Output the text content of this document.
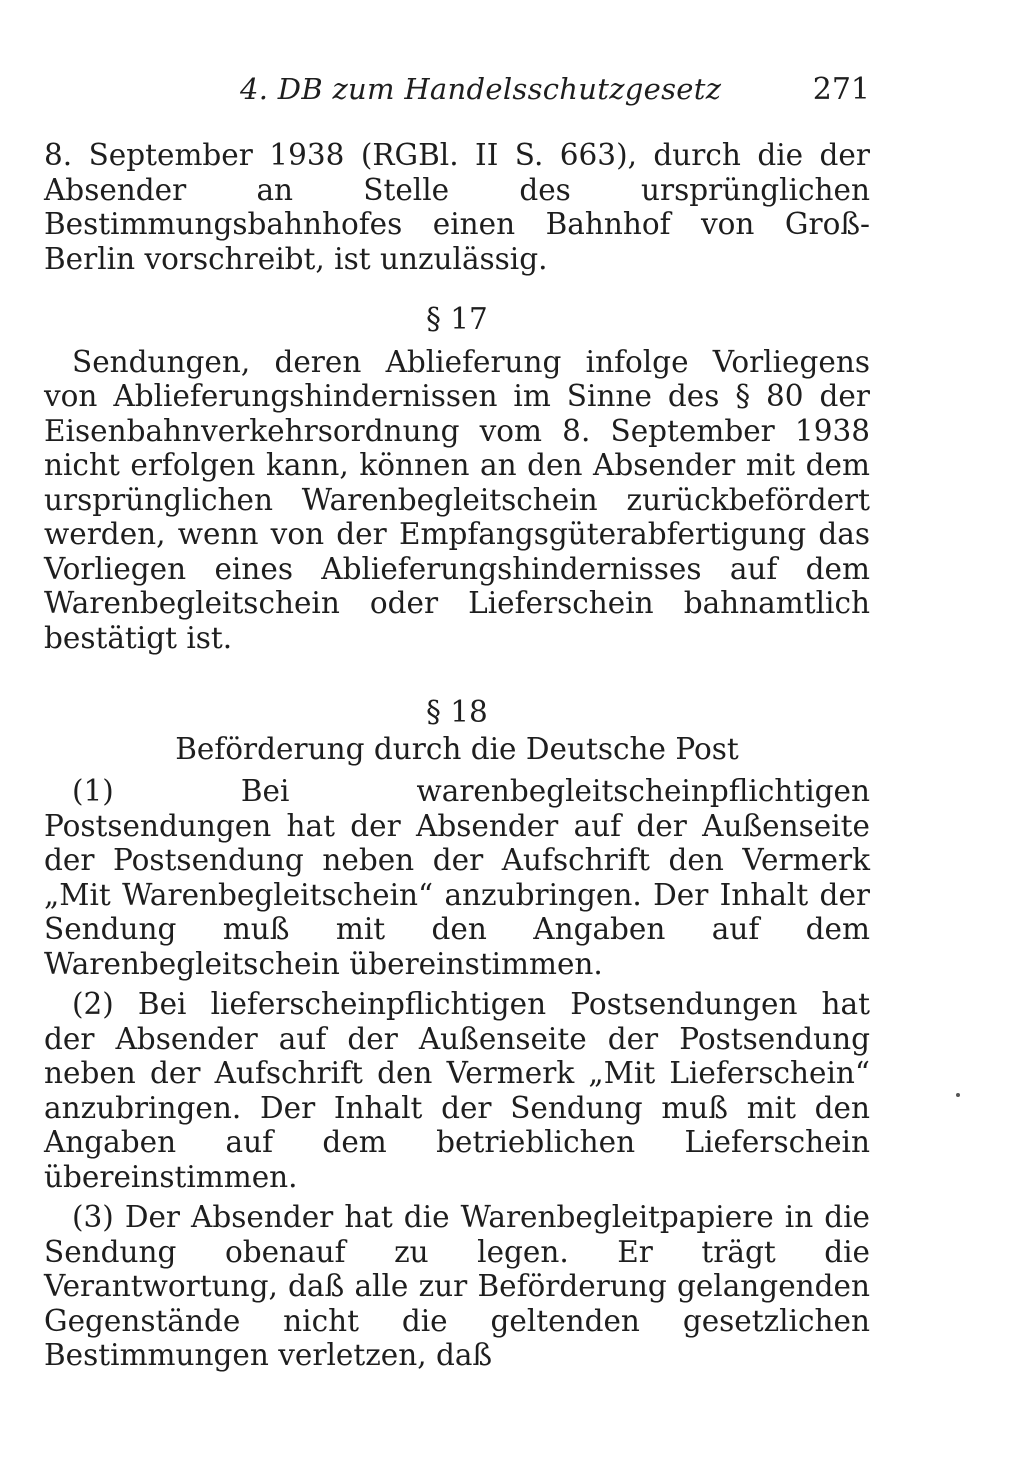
4. DB zum Handelsschutzgesetz	271

8. September 1938 (RGBl. II S. 663), durch die der Absender an Stelle des ursprünglichen Bestimmungsbahnhofes einen Bahnhof von Groß-Berlin vorschreibt, ist unzulässig.

§ 17

Sendungen, deren Ablieferung infolge Vorliegens von Ablieferungshindernissen im Sinne des § 80 der Eisenbahnverkehrsordnung vom 8. September 1938 nicht erfolgen kann, können an den Absender mit dem ursprünglichen Warenbegleitschein zurückbefördert werden, wenn von der Empfangsgüterabfertigung das Vorliegen eines Ablieferungshindernisses auf dem Warenbegleitschein oder Lieferschein bahnamtlich bestätigt ist.

§ 18

Beförderung durch die Deutsche Post

(1) Bei warenbegleitscheinpflichtigen Postsendungen hat der Absender auf der Außenseite der Postsendung neben der Aufschrift den Vermerk „Mit Warenbegleitschein“ anzubringen. Der Inhalt der Sendung muß mit den Angaben auf dem Warenbegleitschein übereinstimmen.

(2) Bei lieferscheinpflichtigen Postsendungen hat der Absender auf der Außenseite der Postsendung neben der Aufschrift den Vermerk „Mit Lieferschein“ anzubringen. Der Inhalt der Sendung muß mit den Angaben auf dem betrieblichen Lieferschein übereinstimmen.

(3) Der Absender hat die Warenbegleitpapiere in die Sendung obenauf zu legen. Er trägt die Verantwortung, daß alle zur Beförderung gelangenden Gegenstände nicht die geltenden gesetzlichen Bestimmungen verletzen, daß
